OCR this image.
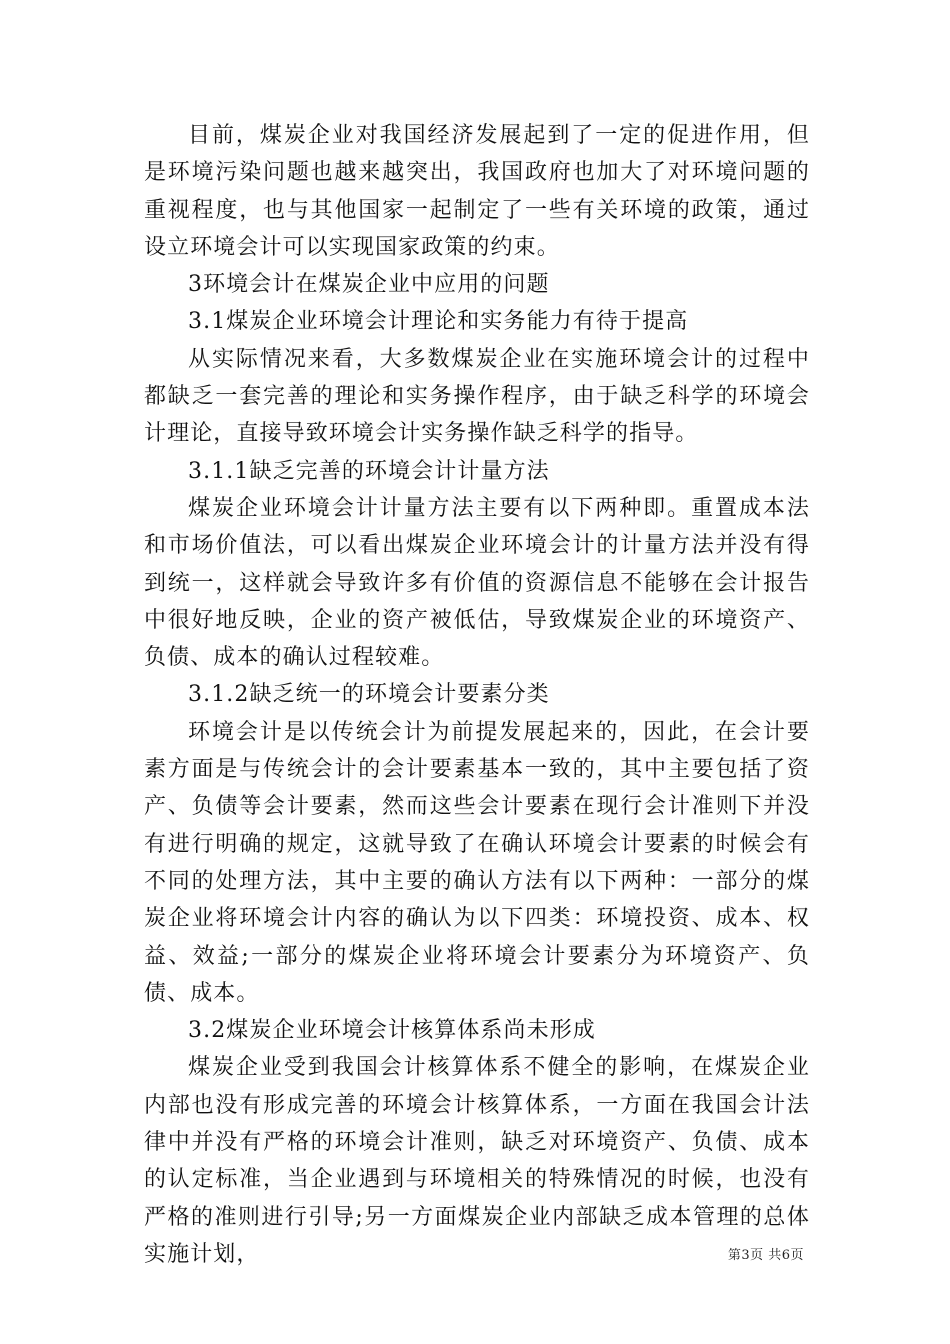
目前，煤炭企业对我国经济发展起到了一定的促进作用，但是环境污染问题也越来越突出，我国政府也加大了对环境问题的重视程度，也与其他国家一起制定了一些有关环境的政策，通过设立环境会计可以实现国家政策的约束。

3环境会计在煤炭企业中应用的问题

3.1煤炭企业环境会计理论和实务能力有待于提高

从实际情况来看，大多数煤炭企业在实施环境会计的过程中都缺乏一套完善的理论和实务操作程序，由于缺乏科学的环境会计理论，直接导致环境会计实务操作缺乏科学的指导。

3.1.1缺乏完善的环境会计计量方法

煤炭企业环境会计计量方法主要有以下两种即。重置成本法和市场价值法，可以看出煤炭企业环境会计的计量方法并没有得到统一，这样就会导致许多有价值的资源信息不能够在会计报告中很好地反映，企业的资产被低估，导致煤炭企业的环境资产、负债、成本的确认过程较难。

3.1.2缺乏统一的环境会计要素分类

环境会计是以传统会计为前提发展起来的，因此，在会计要素方面是与传统会计的会计要素基本一致的，其中主要包括了资产、负债等会计要素，然而这些会计要素在现行会计准则下并没有进行明确的规定，这就导致了在确认环境会计要素的时候会有不同的处理方法，其中主要的确认方法有以下两种：一部分的煤炭企业将环境会计内容的确认为以下四类：环境投资、成本、权益、效益;一部分的煤炭企业将环境会计要素分为环境资产、负债、成本。

3.2煤炭企业环境会计核算体系尚未形成

煤炭企业受到我国会计核算体系不健全的影响，在煤炭企业内部也没有形成完善的环境会计核算体系，一方面在我国会计法律中并没有严格的环境会计准则，缺乏对环境资产、负债、成本的认定标准，当企业遇到与环境相关的特殊情况的时候，也没有严格的准则进行引导;另一方面煤炭企业内部缺乏成本管理的总体实施计划，	第3页 共6页
